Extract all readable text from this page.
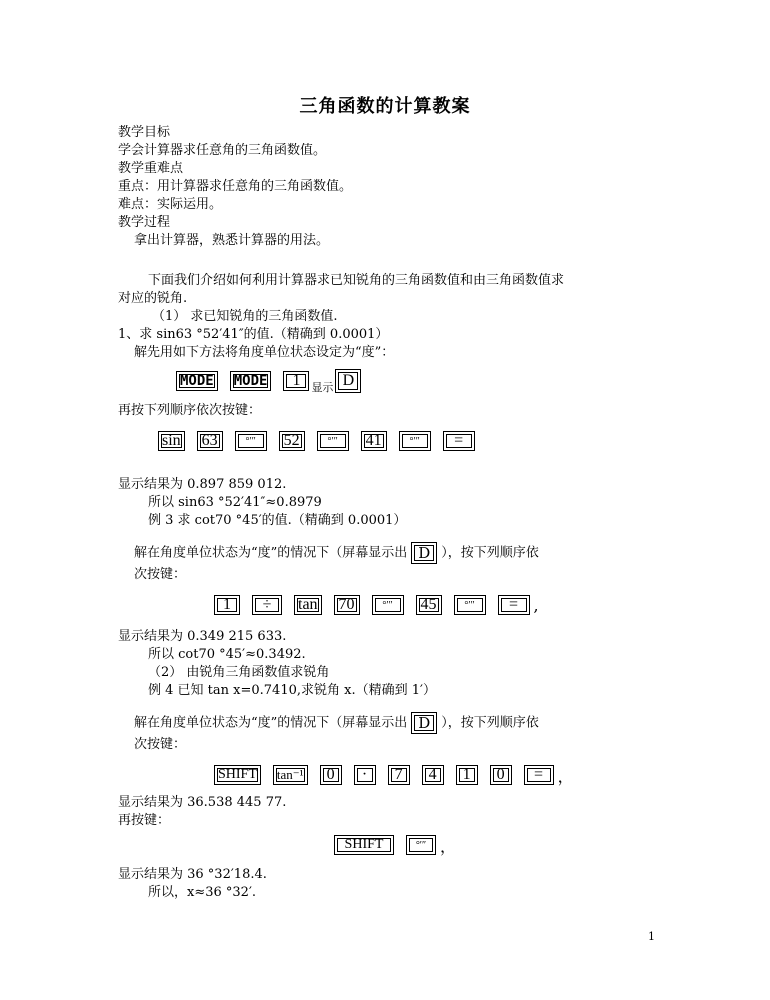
三角函数的计算教案
教学目标
学会计算器求任意角的三角函数值。
教学重难点
重点：用计算器求任意角的三角函数值。
难点：实际运用。
教学过程
拿出计算器，熟悉计算器的用法。
下面我们介绍如何利用计算器求已知锐角的三角函数值和由三角函数值求
对应的锐角.
（1） 求已知锐角的三角函数值.
1、求 sin63 °52′41″的值.（精确到 0.0001）
解先用如下方法将角度单位状态设定为“度”：
MODE MODE	1	显示 D
再按下列顺序依次按键：
sin	63	°′″	52	°′″	41	°′″	=
显示结果为 0.897 859 012.
所以 sin63 °52′41″≈0.8979
例 3 求 cot70 °45′的值.（精确到 0.0001）
解在角度单位状态为“度”的情况下（屏幕显示出 D ），按下列顺序依
次按键：
1	÷	tan	70	°′″	45	°′″	= ,
显示结果为 0.349 215 633.
所以 cot70 °45′≈0.3492.
（2） 由锐角三角函数值求锐角
例 4 已知 tan x=0.7410,求锐角 x.（精确到 1′）
解在角度单位状态为“度”的情况下（屏幕显示出 D ），按下列顺序依
次按键：
SHIFT	tan⁻¹	0	·	7	4	1	0	= ，
显示结果为 36.538 445 77.
再按键：
SHIFT	°′″ ，
显示结果为 36 °32′18.4.
所以，x≈36 °32′.
1
